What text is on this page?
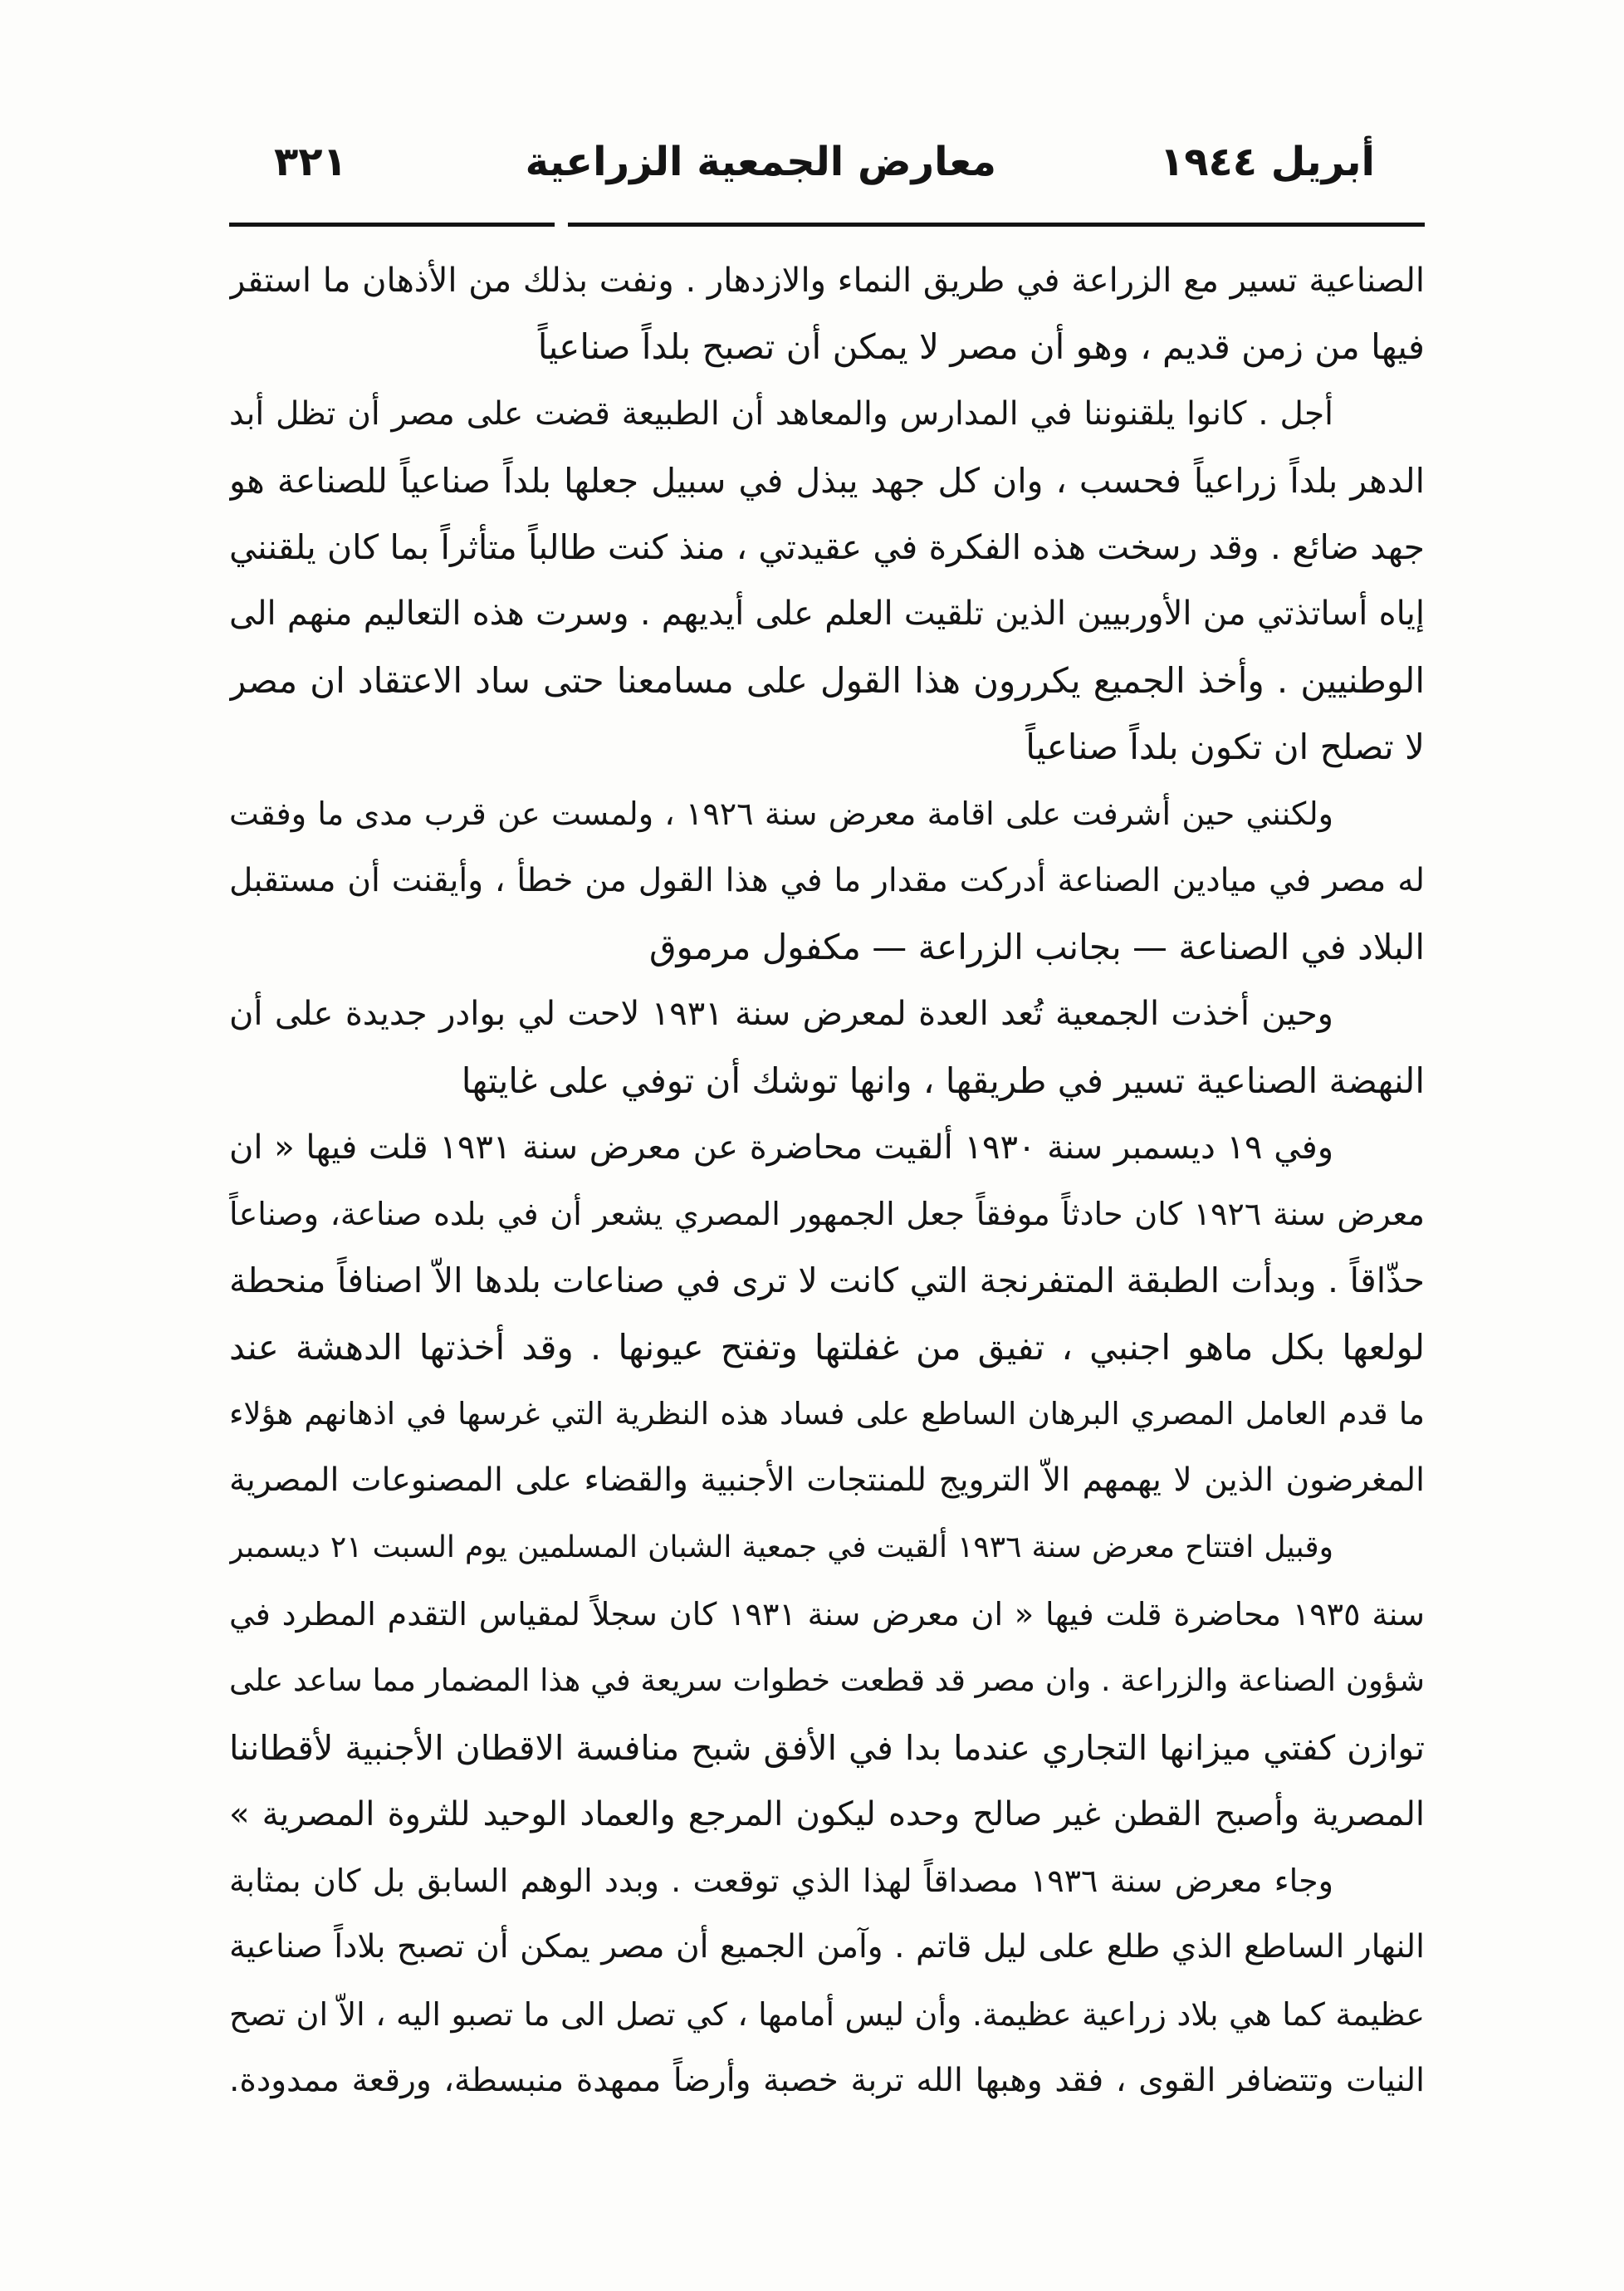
أبريل ١٩٤٤
معارض الجمعية الزراعية
٣٢١
الصناعية تسير مع الزراعة في طريق النماء والازدهار . ونفت بذلك من الأذهان ما استقر
فيها من زمن قديم ، وهو أن مصر لا يمكن أن تصبح بلداً صناعياً
أجل . كانوا يلقنوننا في المدارس والمعاهد أن الطبيعة قضت على مصر أن تظل أبد
الدهر بلداً زراعياً فحسب ، وان كل جهد يبذل في سبيل جعلها بلداً صناعياً للصناعة هو
جهد ضائع . وقد رسخت هذه الفكرة في عقيدتي ، منذ كنت طالباً متأثراً بما كان يلقنني
إياه أساتذتي من الأوربيين الذين تلقيت العلم على أيديهم . وسرت هذه التعاليم منهم الى
الوطنيين . وأخذ الجميع يكررون هذا القول على مسامعنا حتى ساد الاعتقاد ان مصر
لا تصلح ان تكون بلداً صناعياً
ولكنني حين أشرفت على اقامة معرض سنة ١٩٢٦ ، ولمست عن قرب مدى ما وفقت
له مصر في ميادين الصناعة أدركت مقدار ما في هذا القول من خطأ ، وأيقنت أن مستقبل
البلاد في الصناعة — بجانب الزراعة — مكفول مرموق
وحين أخذت الجمعية تُعد العدة لمعرض سنة ١٩٣١ لاحت لي بوادر جديدة على أن
النهضة الصناعية تسير في طريقها ، وانها توشك أن توفي على غايتها
وفي ١٩ ديسمبر سنة ١٩٣٠ ألقيت محاضرة عن معرض سنة ١٩٣١ قلت فيها « ان
معرض سنة ١٩٢٦ كان حادثاً موفقاً جعل الجمهور المصري يشعر أن في بلده صناعة، وصناعاً
حذّاقاً . وبدأت الطبقة المتفرنجة التي كانت لا ترى في صناعات بلدها الاّ اصنافاً منحطة
لولعها بكل ماهو اجنبي ، تفيق من غفلتها وتفتح عيونها . وقد أخذتها الدهشة عند
ما قدم العامل المصري البرهان الساطع على فساد هذه النظرية التي غرسها في اذهانهم هؤلاء
المغرضون الذين لا يهمهم الاّ الترويج للمنتجات الأجنبية والقضاء على المصنوعات المصرية
وقبيل افتتاح معرض سنة ١٩٣٦ ألقيت في جمعية الشبان المسلمين يوم السبت ٢١ ديسمبر
سنة ١٩٣٥ محاضرة قلت فيها « ان معرض سنة ١٩٣١ كان سجلاً لمقياس التقدم المطرد في
شؤون الصناعة والزراعة . وان مصر قد قطعت خطوات سريعة في هذا المضمار مما ساعد على
توازن كفتي ميزانها التجاري عندما بدا في الأفق شبح منافسة الاقطان الأجنبية لأقطاننا
المصرية وأصبح القطن غير صالح وحده ليكون المرجع والعماد الوحيد للثروة المصرية »
وجاء معرض سنة ١٩٣٦ مصداقاً لهذا الذي توقعت . وبدد الوهم السابق بل كان بمثابة
النهار الساطع الذي طلع على ليل قاتم . وآمن الجميع أن مصر يمكن أن تصبح بلاداً صناعية
عظيمة كما هي بلاد زراعية عظيمة. وأن ليس أمامها ، كي تصل الى ما تصبو اليه ، الاّ ان تصح
النيات وتتضافر القوى ، فقد وهبها الله تربة خصبة وأرضاً ممهدة منبسطة، ورقعة ممدودة.
